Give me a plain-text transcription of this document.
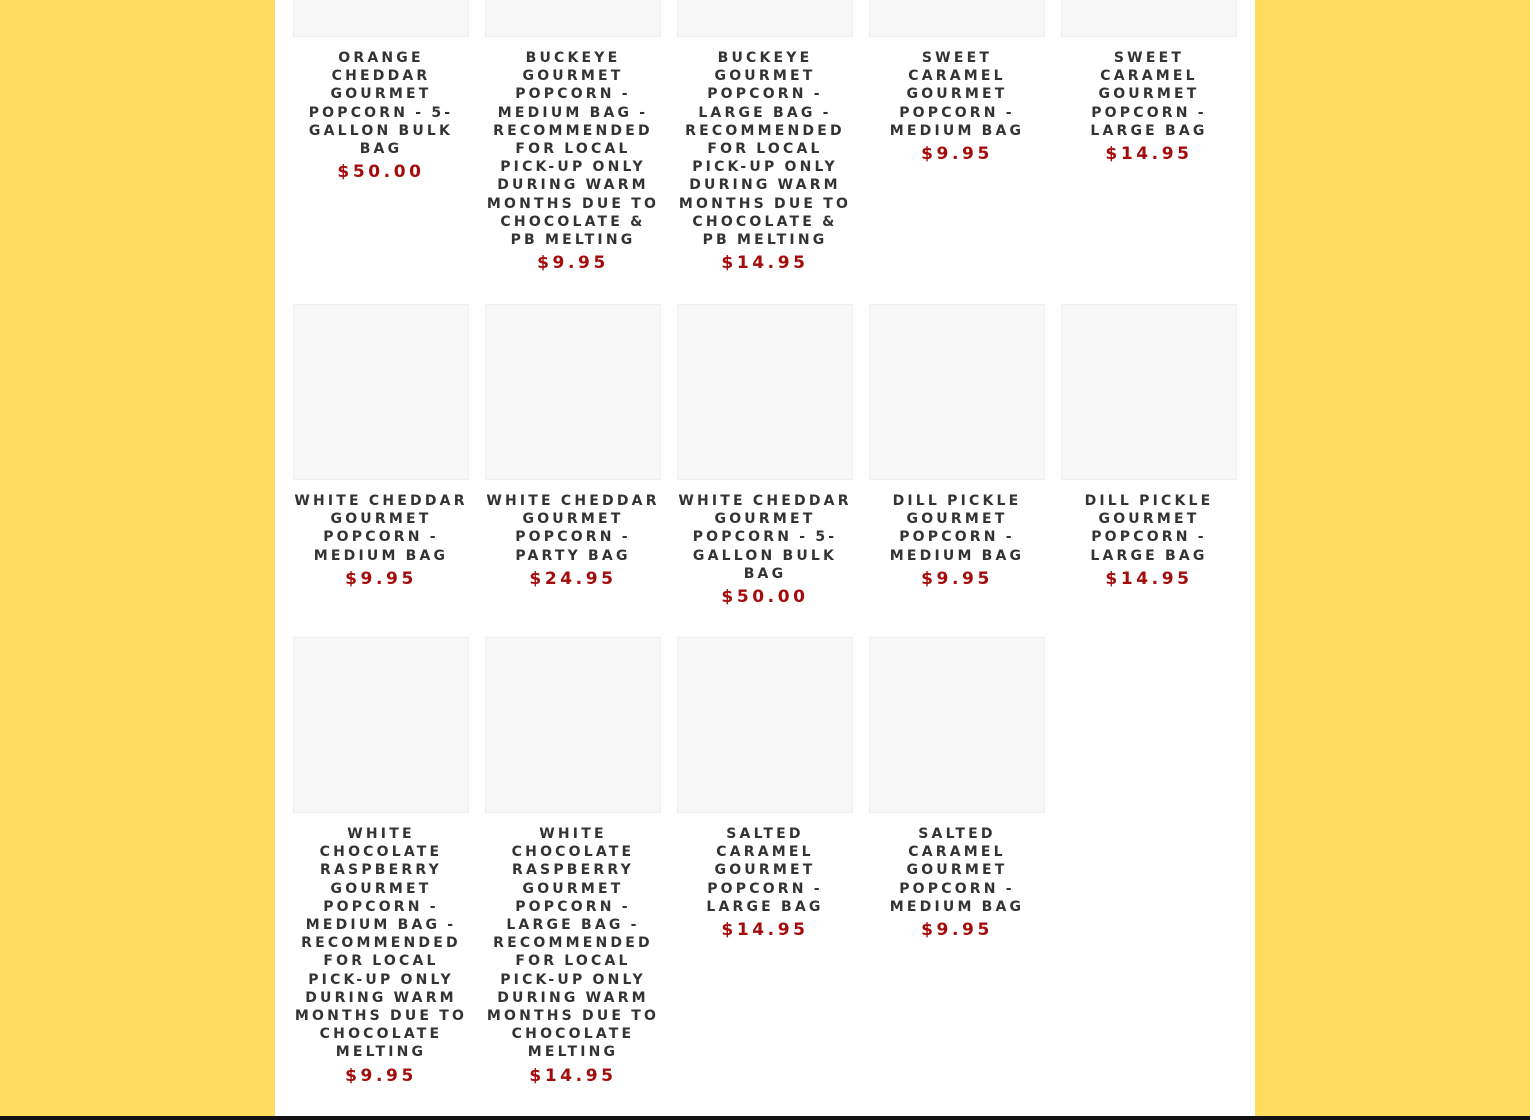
ORANGE CHEDDAR GOURMET POPCORN - 5-GALLON BULK BAG

$50.00

BUCKEYE GOURMET POPCORN - MEDIUM BAG - RECOMMENDED FOR LOCAL PICK-UP ONLY DURING WARM MONTHS DUE TO CHOCOLATE & PB MELTING

$9.95

BUCKEYE GOURMET POPCORN - LARGE BAG - RECOMMENDED FOR LOCAL PICK-UP ONLY DURING WARM MONTHS DUE TO CHOCOLATE & PB MELTING

$14.95

SWEET CARAMEL GOURMET POPCORN - MEDIUM BAG

$9.95

SWEET CARAMEL GOURMET POPCORN - LARGE BAG

$14.95

WHITE CHEDDAR GOURMET POPCORN - MEDIUM BAG

$9.95

WHITE CHEDDAR GOURMET POPCORN - PARTY BAG

$24.95

WHITE CHEDDAR GOURMET POPCORN - 5-GALLON BULK BAG

$50.00

DILL PICKLE GOURMET POPCORN - MEDIUM BAG

$9.95

DILL PICKLE GOURMET POPCORN - LARGE BAG

$14.95

WHITE CHOCOLATE RASPBERRY GOURMET POPCORN - MEDIUM BAG - RECOMMENDED FOR LOCAL PICK-UP ONLY DURING WARM MONTHS DUE TO CHOCOLATE MELTING

$9.95

WHITE CHOCOLATE RASPBERRY GOURMET POPCORN - LARGE BAG - RECOMMENDED FOR LOCAL PICK-UP ONLY DURING WARM MONTHS DUE TO CHOCOLATE MELTING

$14.95

SALTED CARAMEL GOURMET POPCORN - LARGE BAG

$14.95

SALTED CARAMEL GOURMET POPCORN - MEDIUM BAG

$9.95
